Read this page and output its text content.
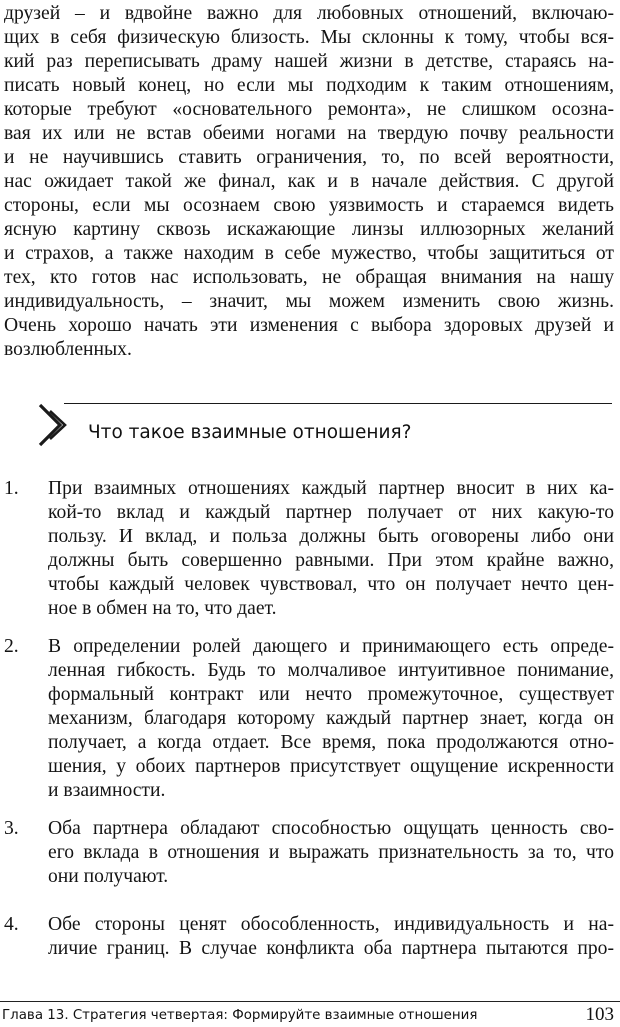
друзей – и вдвойне важно для любовных отношений, включаю-
щих в себя физическую близость. Мы склонны к тому, чтобы вся-
кий раз переписывать драму нашей жизни в детстве, стараясь на-
писать новый конец, но если мы подходим к таким отношениям,
которые требуют «основательного ремонта», не слишком осозна-
вая их или не встав обеими ногами на твердую почву реальности
и не научившись ставить ограничения, то, по всей вероятности,
нас ожидает такой же финал, как и в начале действия. С другой
стороны, если мы осознаем свою уязвимость и стараемся видеть
ясную картину сквозь искажающие линзы иллюзорных желаний
и страхов, а также находим в себе мужество, чтобы защититься от
тех, кто готов нас использовать, не обращая внимания на нашу
индивидуальность, – значит, мы можем изменить свою жизнь.
Очень хорошо начать эти изменения с выбора здоровых друзей и
возлюбленных.
Что такое взаимные отношения?
1. При взаимных отношениях каждый партнер вносит в них ка-
кой-то вклад и каждый партнер получает от них какую-то
пользу. И вклад, и польза должны быть оговорены либо они
должны быть совершенно равными. При этом крайне важно,
чтобы каждый человек чувствовал, что он получает нечто цен-
ное в обмен на то, что дает.
2. В определении ролей дающего и принимающего есть опреде-
ленная гибкость. Будь то молчаливое интуитивное понимание,
формальный контракт или нечто промежуточное, существует
механизм, благодаря которому каждый партнер знает, когда он
получает, а когда отдает. Все время, пока продолжаются отно-
шения, у обоих партнеров присутствует ощущение искренности
и взаимности.
3. Оба партнера обладают способностью ощущать ценность сво-
его вклада в отношения и выражать признательность за то, что
они получают.
4. Обе стороны ценят обособленность, индивидуальность и на-
личие границ. В случае конфликта оба партнера пытаются про-
Глава 13. Стратегия четвертая: Формируйте взаимные отношения	103
